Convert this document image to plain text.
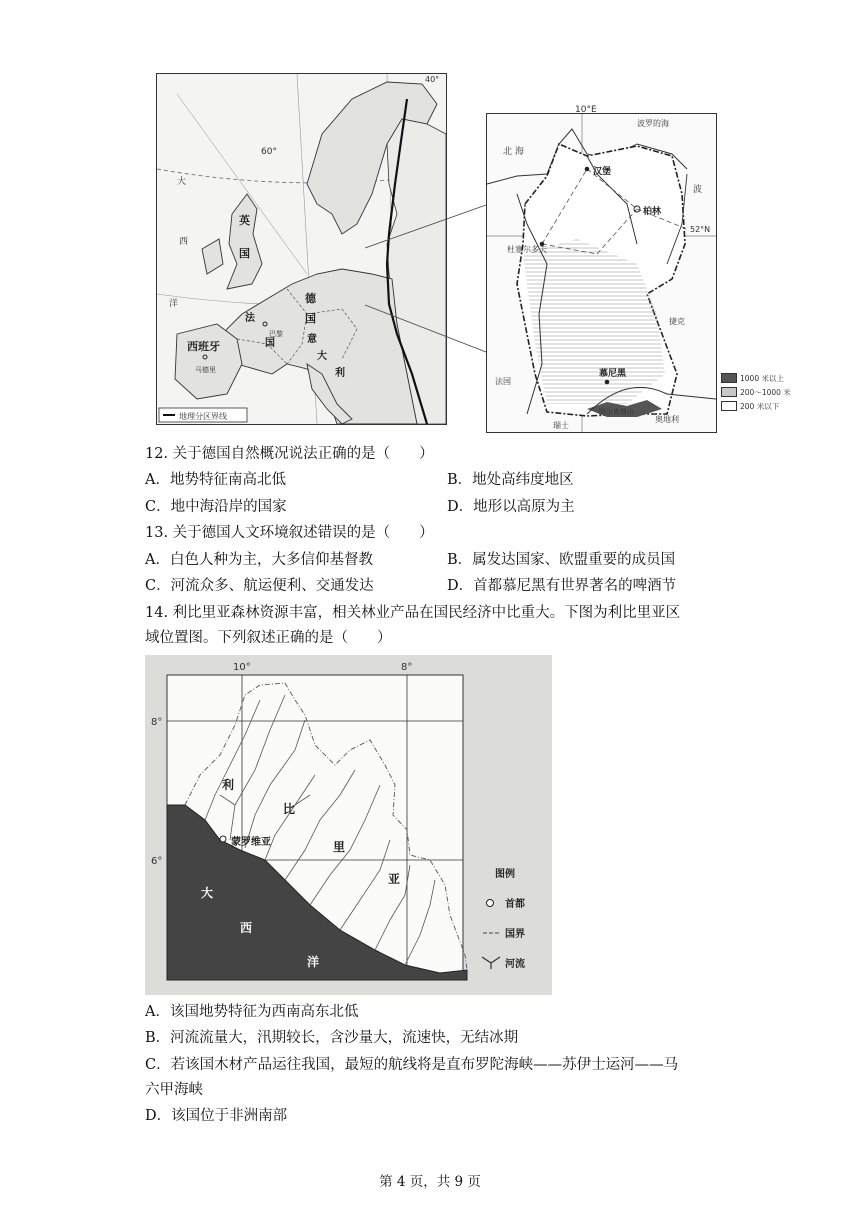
60°
40°
英
国
德
国
法
国
巴黎
西班牙
马德里
意
大
利
大
西
洋
地理分区界线
10°E
52°N
北 海
波罗的海
汉堡
柏林
杜塞尔多夫
慕尼黑
波
捷克
奥地利
法国
瑞士
阿尔卑斯山
1000 米以上
200～1000 米
200 米以下
12. 关于德国自然概况说法正确的是（　　）
A．地势特征南高北低	B．地处高纬度地区
C．地中海沿岸的国家	D．地形以高原为主
13. 关于德国人文环境叙述错误的是（　　）
A．白色人种为主，大多信仰基督教	B．属发达国家、欧盟重要的成员国
C．河流众多、航运便利、交通发达	D．首都慕尼黑有世界著名的啤酒节
14. 利比里亚森林资源丰富，相关林业产品在国民经济中比重大。下图为利比里亚区
域位置图。下列叙述正确的是（　　）
10°	8°
8°
6°
利
比
里
亚
蒙罗维亚
大
西
洋
图例
首都
国界
河流
A．该国地势特征为西南高东北低
B．河流流量大，汛期较长，含沙量大，流速快，无结冰期
C．若该国木材产品运往我国，最短的航线将是直布罗陀海峡——苏伊士运河——马
六甲海峡
D．该国位于非洲南部
第 4 页，共 9 页
